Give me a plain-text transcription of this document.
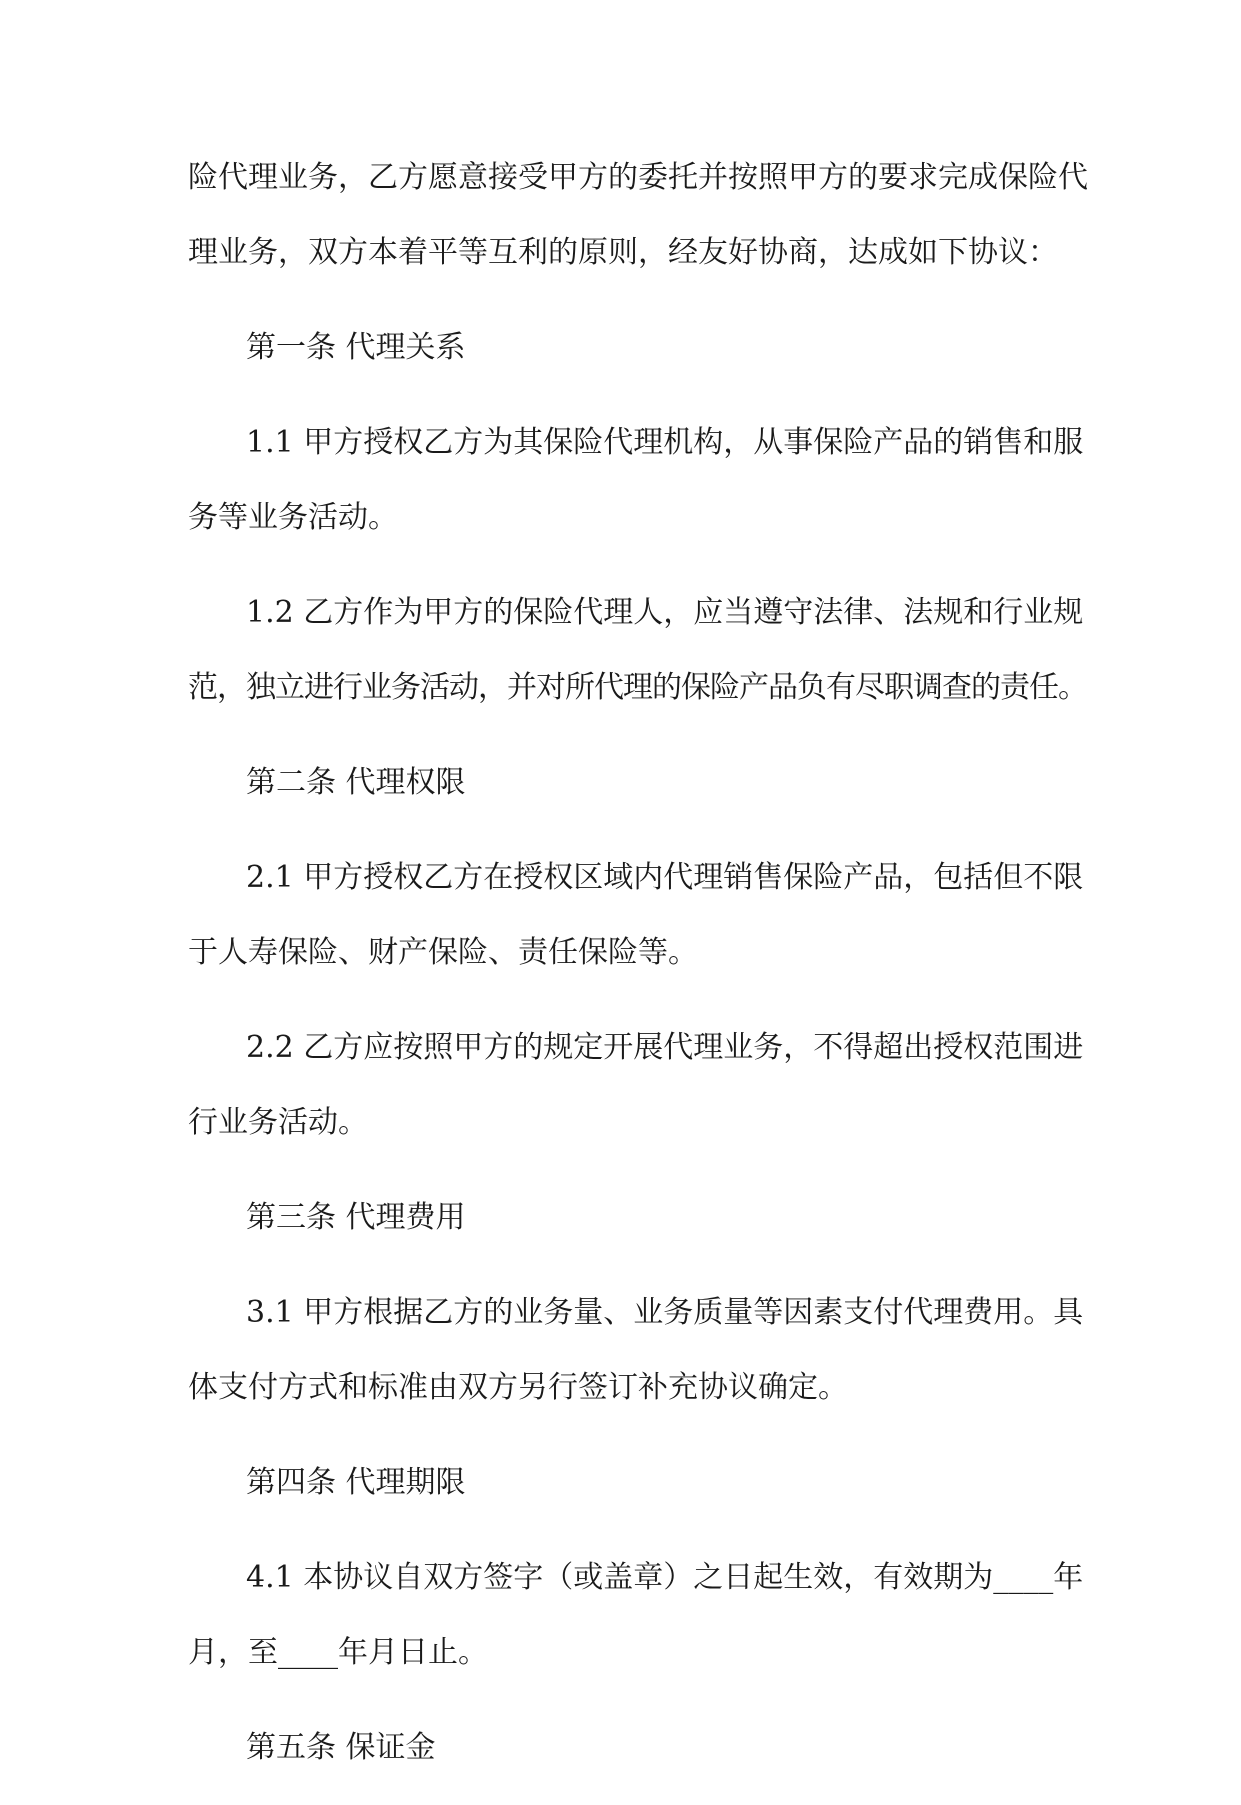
险代理业务，乙方愿意接受甲方的委托并按照甲方的要求完成保险代
理业务，双方本着平等互利的原则，经友好协商，达成如下协议：
第一条 代理关系
1.1 甲方授权乙方为其保险代理机构，从事保险产品的销售和服
务等业务活动。
1.2 乙方作为甲方的保险代理人，应当遵守法律、法规和行业规
范，独立进行业务活动，并对所代理的保险产品负有尽职调查的责任。
第二条 代理权限
2.1 甲方授权乙方在授权区域内代理销售保险产品，包括但不限
于人寿保险、财产保险、责任保险等。
2.2 乙方应按照甲方的规定开展代理业务，不得超出授权范围进
行业务活动。
第三条 代理费用
3.1 甲方根据乙方的业务量、业务质量等因素支付代理费用。具
体支付方式和标准由双方另行签订补充协议确定。
第四条 代理期限
4.1 本协议自双方签字（或盖章）之日起生效，有效期为____年
月，至____年月日止。
第五条 保证金
